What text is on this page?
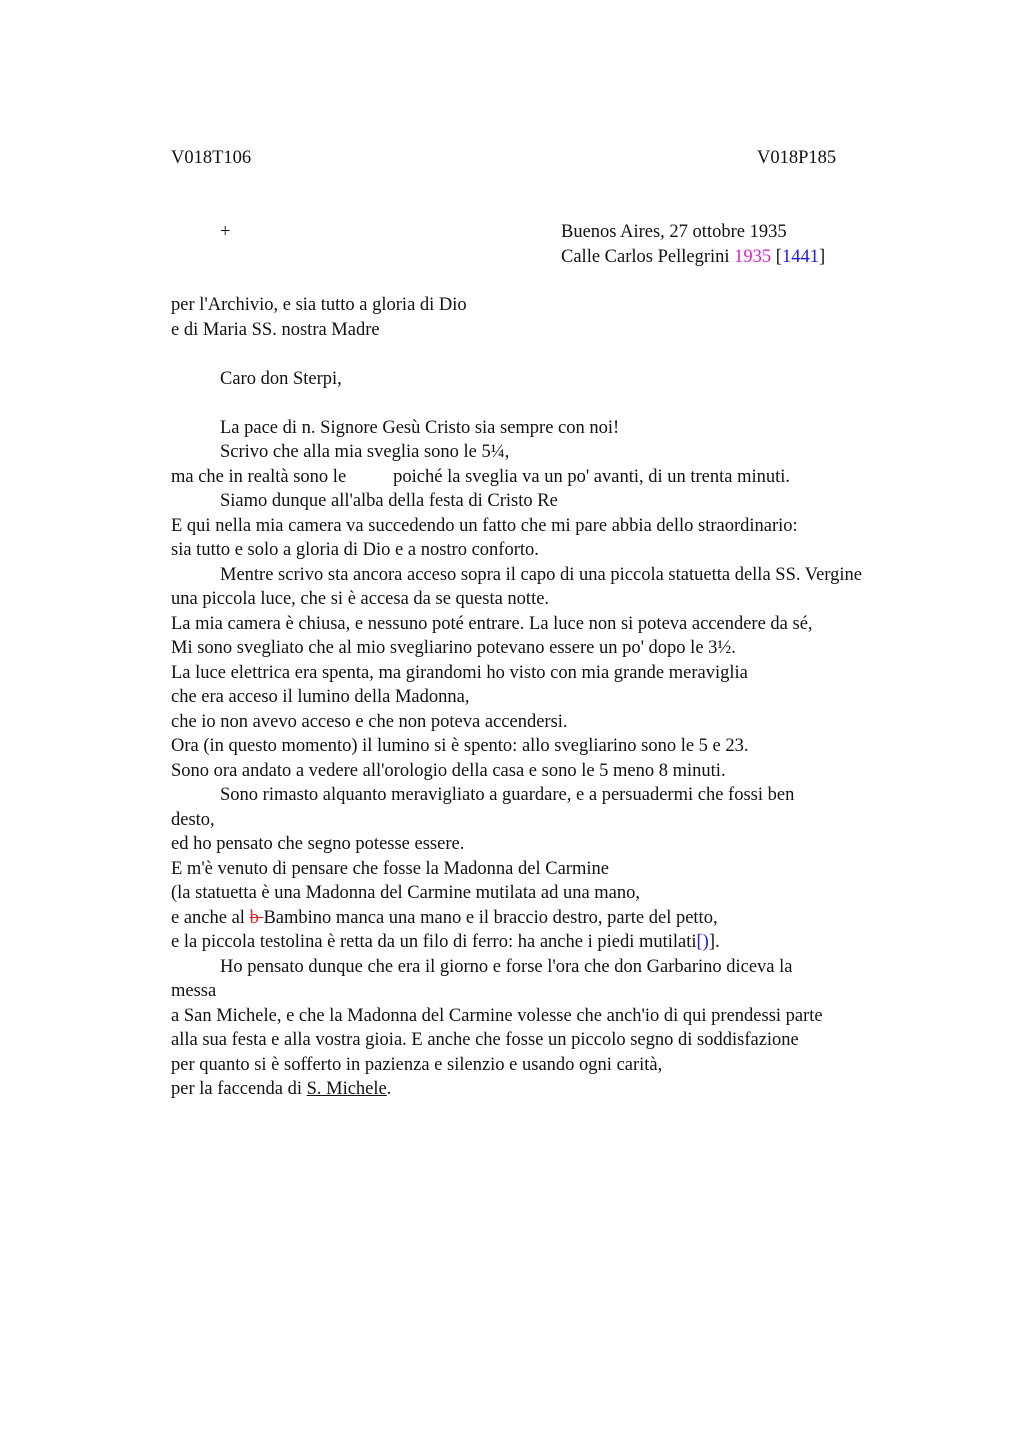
V018T106	V018P185
+	Buenos Aires, 27 ottobre 1935
Calle Carlos Pellegrini 1935 [1441]
per l'Archivio, e sia tutto a gloria di Dio
e di Maria SS. nostra Madre
Caro don Sterpi,
La pace di n. Signore Gesù Cristo sia sempre con noi!
Scrivo che alla mia sveglia sono le 5¼,
ma che in realtà sono le	poiché la sveglia va un po' avanti, di un trenta minuti.
Siamo dunque all'alba della festa di Cristo Re
E qui nella mia camera va succedendo un fatto che mi pare abbia dello straordinario:
sia tutto e solo a gloria di Dio e a nostro conforto.
Mentre scrivo sta ancora acceso sopra il capo di una piccola statuetta della SS. Vergine
una piccola luce, che si è accesa da se questa notte.
La mia camera è chiusa, e nessuno poté entrare. La luce non si poteva accendere da sé,
Mi sono svegliato che al mio svegliarino potevano essere un po' dopo le 3½.
La luce elettrica era spenta, ma girandomi ho visto con mia grande meraviglia
che era acceso il lumino della Madonna,
che io non avevo acceso e che non poteva accendersi.
Ora (in questo momento) il lumino si è spento: allo svegliarino sono le 5 e 23.
Sono ora andato a vedere all'orologio della casa e sono le 5 meno 8 minuti.
Sono rimasto alquanto meravigliato a guardare, e a persuadermi che fossi ben
desto,
ed ho pensato che segno potesse essere.
E m'è venuto di pensare che fosse la Madonna del Carmine
(la statuetta è una Madonna del Carmine mutilata ad una mano,
e anche al b Bambino manca una mano e il braccio destro, parte del petto,
e la piccola testolina è retta da un filo di ferro: ha anche i piedi mutilati[)].
Ho pensato dunque che era il giorno e forse l'ora che don Garbarino diceva la
messa
a San Michele, e che la Madonna del Carmine volesse che anch'io di qui prendessi parte
alla sua festa e alla vostra gioia. E anche che fosse un piccolo segno di soddisfazione
per quanto si è sofferto in pazienza e silenzio e usando ogni carità,
per la faccenda di S. Michele.
